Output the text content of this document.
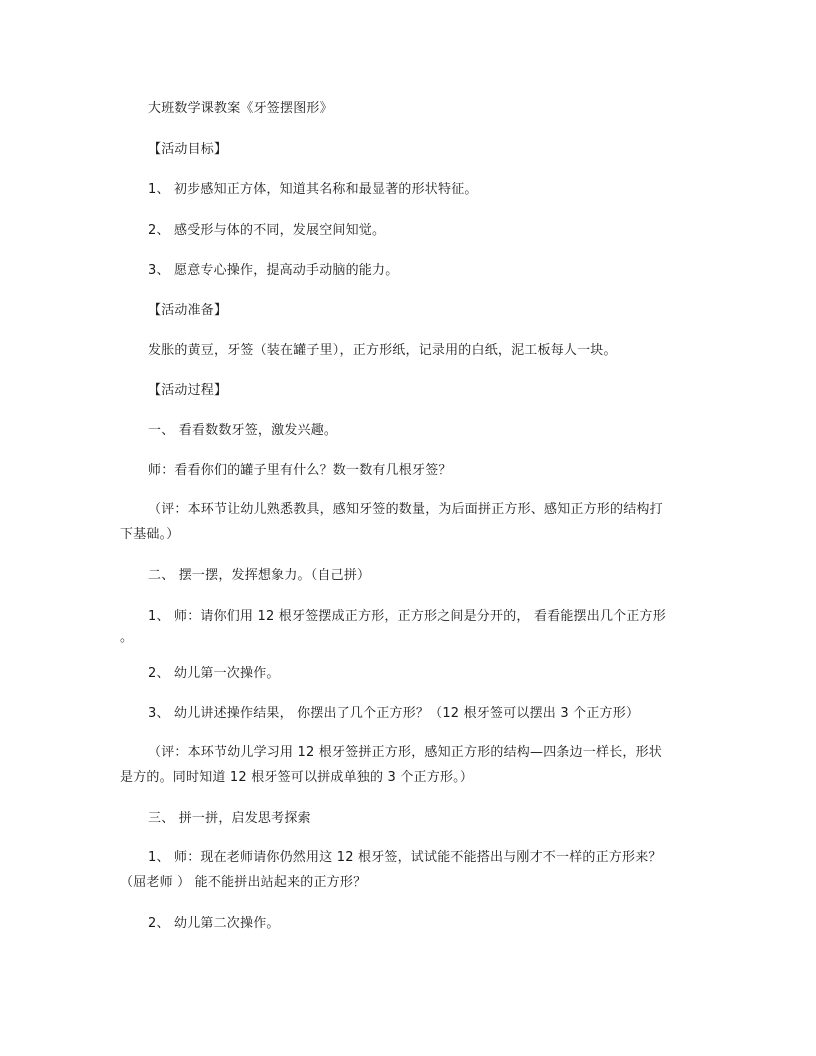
大班数学课教案《牙签摆图形》
【活动目标】
1、 初步感知正方体，知道其名称和最显著的形状特征。
2、 感受形与体的不同，发展空间知觉。
3、 愿意专心操作，提高动手动脑的能力。
【活动准备】
发胀的黄豆，牙签（装在罐子里），正方形纸，记录用的白纸，泥工板每人一块。
【活动过程】
一、 看看数数牙签，激发兴趣。
师：看看你们的罐子里有什么？数一数有几根牙签？
（评：本环节让幼儿熟悉教具，感知牙签的数量，为后面拼正方形、感知正方形的结构打
下基础。）
二、 摆一摆，发挥想象力。（自己拼）
1、 师：请你们用 12 根牙签摆成正方形，正方形之间是分开的， 看看能摆出几个正方形
。
2、 幼儿第一次操作。
3、 幼儿讲述操作结果， 你摆出了几个正方形？（12 根牙签可以摆出 3 个正方形）
（评：本环节幼儿学习用 12 根牙签拼正方形，感知正方形的结构—四条边一样长，形状
是方的。同时知道 12 根牙签可以拼成单独的 3 个正方形。）
三、 拼一拼，启发思考探索
1、 师：现在老师请你仍然用这 12 根牙签，试试能不能搭出与刚才不一样的正方形来？
（屈老师 ） 能不能拼出站起来的正方形？
2、 幼儿第二次操作。
